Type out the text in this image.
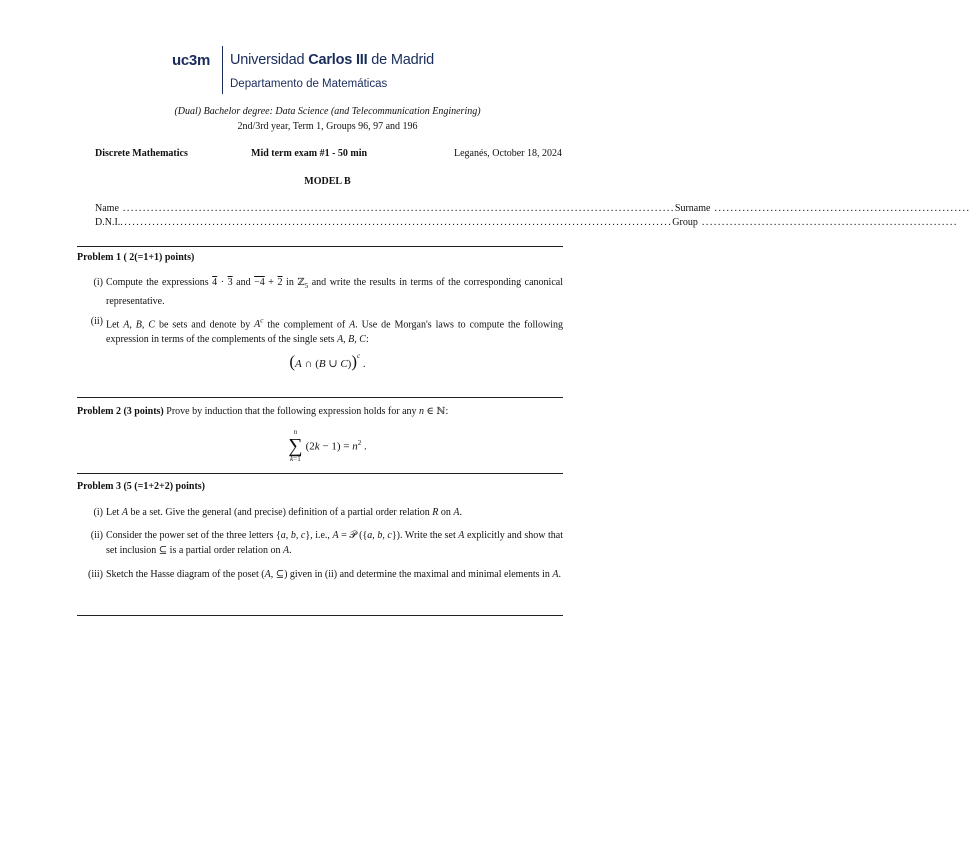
uc3m Universidad Carlos III de Madrid
Departamento de Matemáticas
(Dual) Bachelor degree: Data Science (and Telecommunication Enginering)
2nd/3rd year, Term 1, Groups 96, 97 and 196
Discrete Mathematics	Mid term exam #1 - 50 min	Leganés, October 18, 2024
MODEL B
Name .......................................................................................................................................... Surname ................................................................
D.N.I. .......................................................................................................................................... Group ................................................................
Problem 1 ( 2(=1+1) points)
(i) Compute the expressions 4 · 3 and −4 + 2 in ℤ$_5$ and write the results in terms of the corresponding canonical representative.
(ii) Let A, B, C be sets and denote by $A^c$ the complement of A. Use de Morgan's laws to compute the following expression in terms of the complements of the single sets A, B, C:
(A ∩ (B ∪ C))$^c$ .
Problem 2 (3 points) Prove by induction that the following expression holds for any n ∈ ℕ:
n
∑
k=1
$(2k - 1) = n^2$ .
Problem 3 (5 (=1+2+2) points)
(i) Let A be a set. Give the general (and precise) definition of a partial order relation R on A.
(ii) Consider the power set of the three letters {a, b, c}, i.e., A = 𝒫 ({a, b, c}). Write the set A explicitly and show that set inclusion ⊆ is a partial order relation on A.
(iii) Sketch the Hasse diagram of the poset (A, ⊆) given in (ii) and determine the maximal and minimal elements in A.
